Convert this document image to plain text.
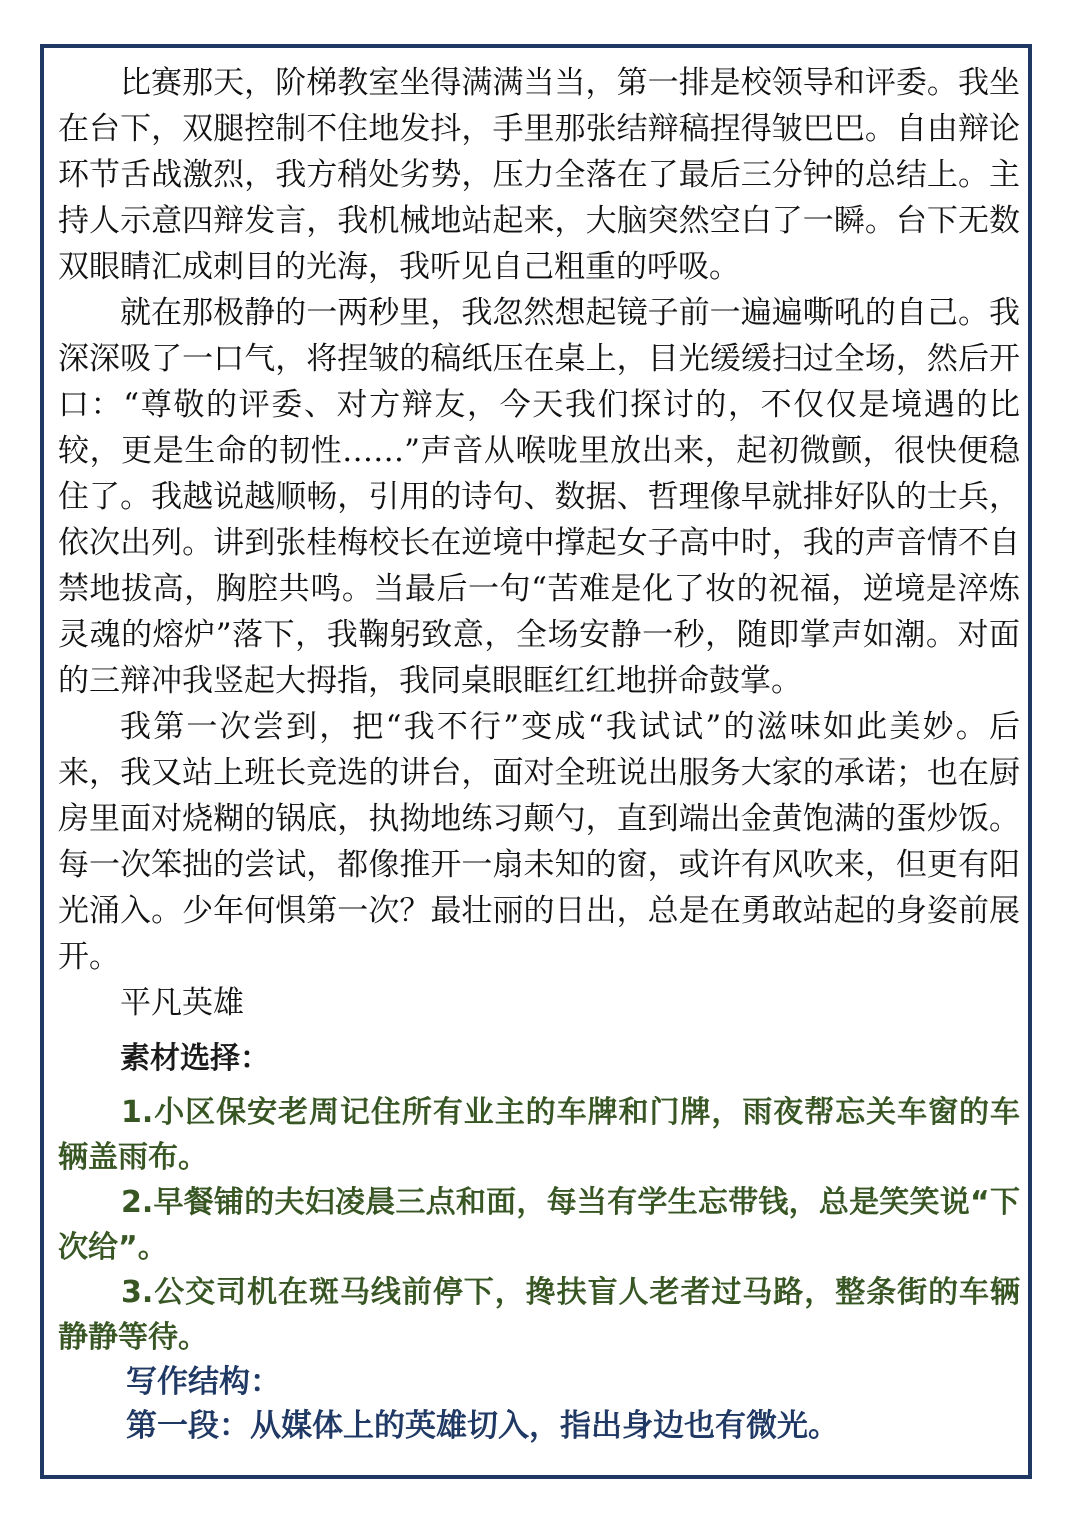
比赛那天，阶梯教室坐得满满当当，第一排是校领导和评委。我坐在台下，双腿控制不住地发抖，手里那张结辩稿捏得皱巴巴。自由辩论环节舌战激烈，我方稍处劣势，压力全落在了最后三分钟的总结上。主持人示意四辩发言，我机械地站起来，大脑突然空白了一瞬。台下无数双眼睛汇成刺目的光海，我听见自己粗重的呼吸。

就在那极静的一两秒里，我忽然想起镜子前一遍遍嘶吼的自己。我深深吸了一口气，将捏皱的稿纸压在桌上，目光缓缓扫过全场，然后开口：“尊敬的评委、对方辩友，今天我们探讨的，不仅仅是境遇的比较，更是生命的韧性……”声音从喉咙里放出来，起初微颤，很快便稳住了。我越说越顺畅，引用的诗句、数据、哲理像早就排好队的士兵，依次出列。讲到张桂梅校长在逆境中撑起女子高中时，我的声音情不自禁地拔高，胸腔共鸣。当最后一句“苦难是化了妆的祝福，逆境是淬炼灵魂的熔炉”落下，我鞠躬致意，全场安静一秒，随即掌声如潮。对面的三辩冲我竖起大拇指，我同桌眼眶红红地拼命鼓掌。

我第一次尝到，把“我不行”变成“我试试”的滋味如此美妙。后来，我又站上班长竞选的讲台，面对全班说出服务大家的承诺；也在厨房里面对烧糊的锅底，执拗地练习颠勺，直到端出金黄饱满的蛋炒饭。每一次笨拙的尝试，都像推开一扇未知的窗，或许有风吹来，但更有阳光涌入。少年何惧第一次？最壮丽的日出，总是在勇敢站起的身姿前展开。

平凡英雄
素材选择：
1.小区保安老周记住所有业主的车牌和门牌，雨夜帮忘关车窗的车辆盖雨布。
2.早餐铺的夫妇凌晨三点和面，每当有学生忘带钱，总是笑笑说“下次给”。
3.公交司机在斑马线前停下，搀扶盲人老者过马路，整条街的车辆静静等待。
写作结构：
第一段：从媒体上的英雄切入，指出身边也有微光。
